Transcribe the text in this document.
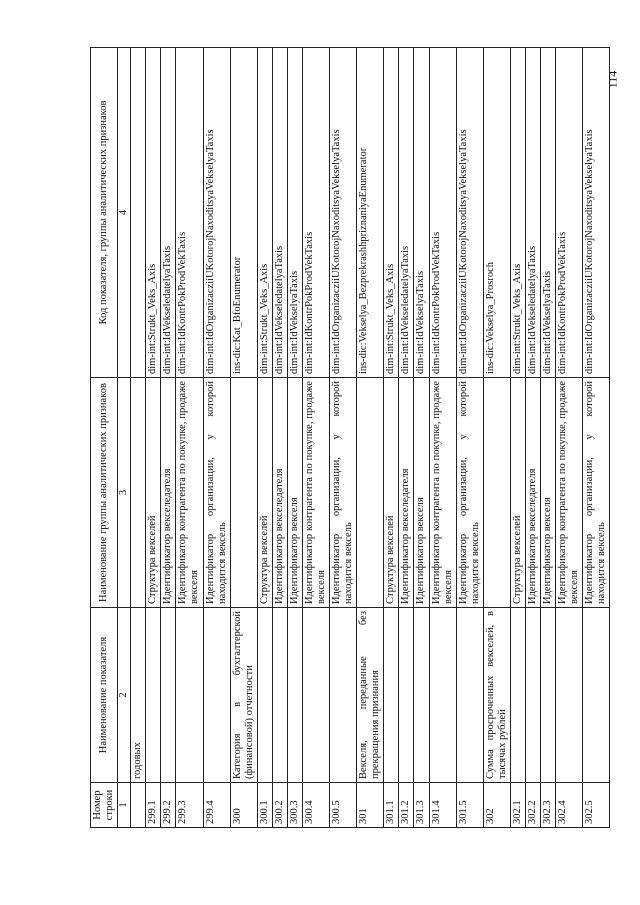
114
Номер строки	Наименование показателя	Наименование группы аналитических признаков	Код показателя, группы аналитических признаков
1	2	3	4
	годовых		
299.1		Структура векселей	dim-int:Strukt_Veks_Axis
299.2		Идентификатор векселедателя	dim-int:IdVekseledatelyaTaxis
299.3		Идентификатор контрагента по покупке, продаже векселя	dim-int:IdKontrPokProdVekTaxis
299.4		Идентификатор организации, у которой находится вексель	dim-int:IdOrganizacziiUKotorojNaxoditsyaVekselyaTaxis
300	Категория в бухгалтерской (финансовой) отчетности		ins-dic:Kat_BfoEnumerator
300.1		Структура векселей	dim-int:Strukt_Veks_Axis
300.2		Идентификатор векселедателя	dim-int:IdVekseledatelyaTaxis
300.3		Идентификатор векселя	dim-int:IdVekselyaTaxis
300.4		Идентификатор контрагента по покупке, продаже векселя	dim-int:IdKontrPokProdVekTaxis
300.5		Идентификатор организации, у которой находится вексель	dim-int:IdOrganizacziiUKotorojNaxoditsyaVekselyaTaxis
301	Векселя, переданные без прекращения признания		ins-dic:Vekselya_BezprekrashhpriznaniyaEnumerator
301.1		Структура векселей	dim-int:Strukt_Veks_Axis
301.2		Идентификатор векселедателя	dim-int:IdVekseledatelyaTaxis
301.3		Идентификатор векселя	dim-int:IdVekselyaTaxis
301.4		Идентификатор контрагента по покупке, продаже векселя	dim-int:IdKontrPokProdVekTaxis
301.5		Идентификатор организации, у которой находится вексель	dim-int:IdOrganizacziiUKotorojNaxoditsyaVekselyaTaxis
302	Сумма просроченных векселей, в тысячах рублей		ins-dic:Vekselya_Prosroch
302.1		Структура векселей	dim-int:Strukt_Veks_Axis
302.2		Идентификатор векселедателя	dim-int:IdVekseledatelyaTaxis
302.3		Идентификатор векселя	dim-int:IdVekselyaTaxis
302.4		Идентификатор контрагента по покупке, продаже векселя	dim-int:IdKontrPokProdVekTaxis
302.5		Идентификатор организации, у которой находится вексель	dim-int:IdOrganizacziiUKotorojNaxoditsyaVekselyaTaxis
